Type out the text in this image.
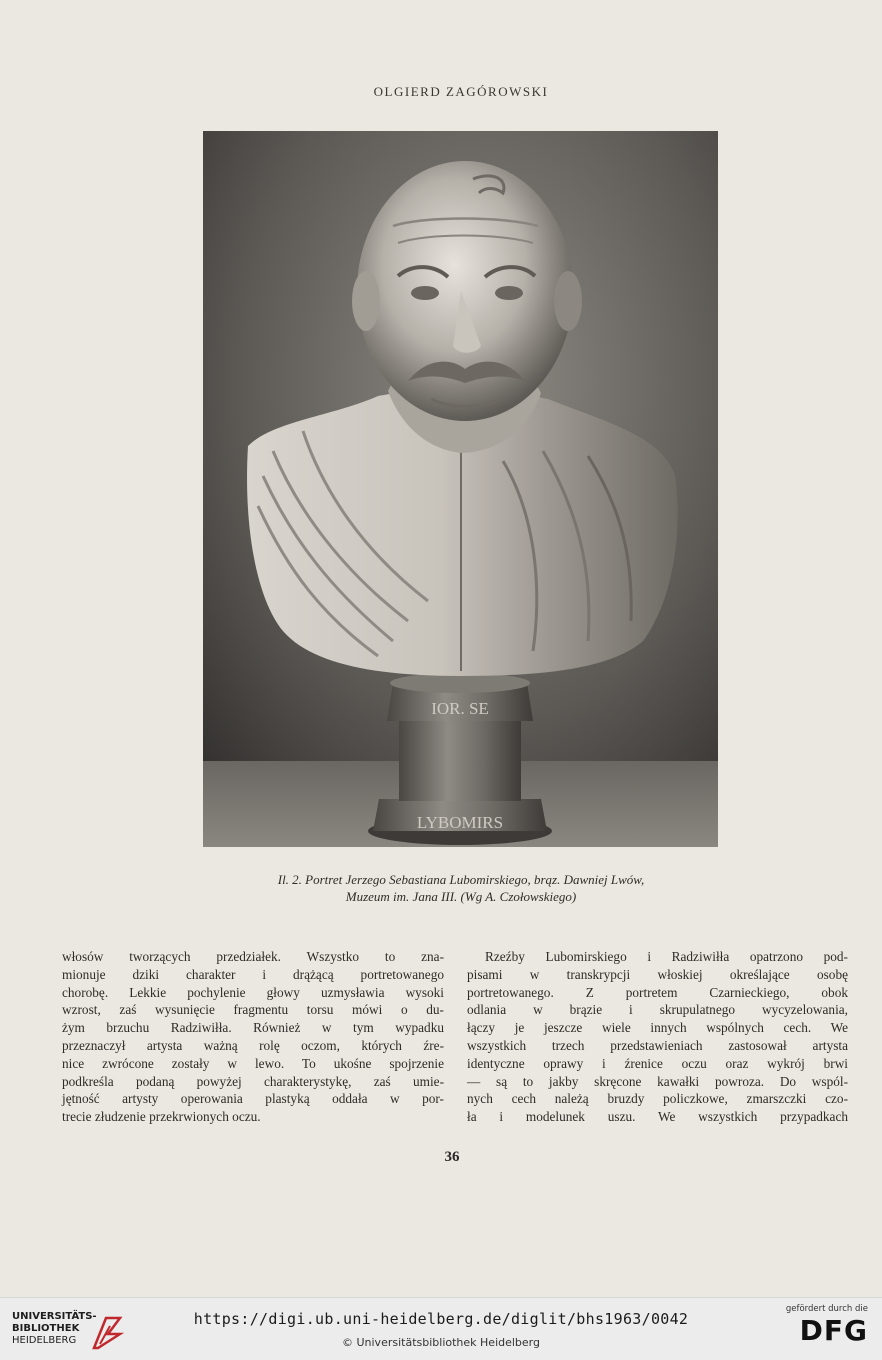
OLGIERD ZAGÓROWSKI
IOR. SE
LYBOMIRS
Il. 2. Portret Jerzego Sebastiana Lubomirskiego, brąz. Dawniej Lwów,
Muzeum im. Jana III. (Wg A. Czołowskiego)
włosów tworzących przedziałek. Wszystko to zna-
mionuje dziki charakter i drążącą portretowanego
chorobę. Lekkie pochylenie głowy uzmysławia wysoki
wzrost, zaś wysunięcie fragmentu torsu mówi o du-
żym brzuchu Radziwiłła. Również w tym wypadku
przeznaczył artysta ważną rolę oczom, których źre-
nice zwrócone zostały w lewo. To ukośne spojrzenie
podkreśla podaną powyżej charakterystykę, zaś umie-
jętność artysty operowania plastyką oddała w por-
trecie złudzenie przekrwionych oczu.
Rzeźby Lubomirskiego i Radziwiłła opatrzono pod-
pisami w transkrypcji włoskiej określające osobę
portretowanego. Z portretem Czarnieckiego, obok
odlania w brązie i skrupulatnego wycyzelowania,
łączy je jeszcze wiele innych wspólnych cech. We
wszystkich trzech przedstawieniach zastosował artysta
identyczne oprawy i źrenice oczu oraz wykrój brwi
— są to jakby skręcone kawałki powroza. Do wspól-
nych cech należą bruzdy policzkowe, zmarszczki czo-
ła i modelunek uszu. We wszystkich przypadkach
36
UNIVERSITÄTS-
BIBLIOTHEK
HEIDELBERG
https://digi.ub.uni-heidelberg.de/diglit/bhs1963/0042
© Universitätsbibliothek Heidelberg
gefördert durch die
DFG
